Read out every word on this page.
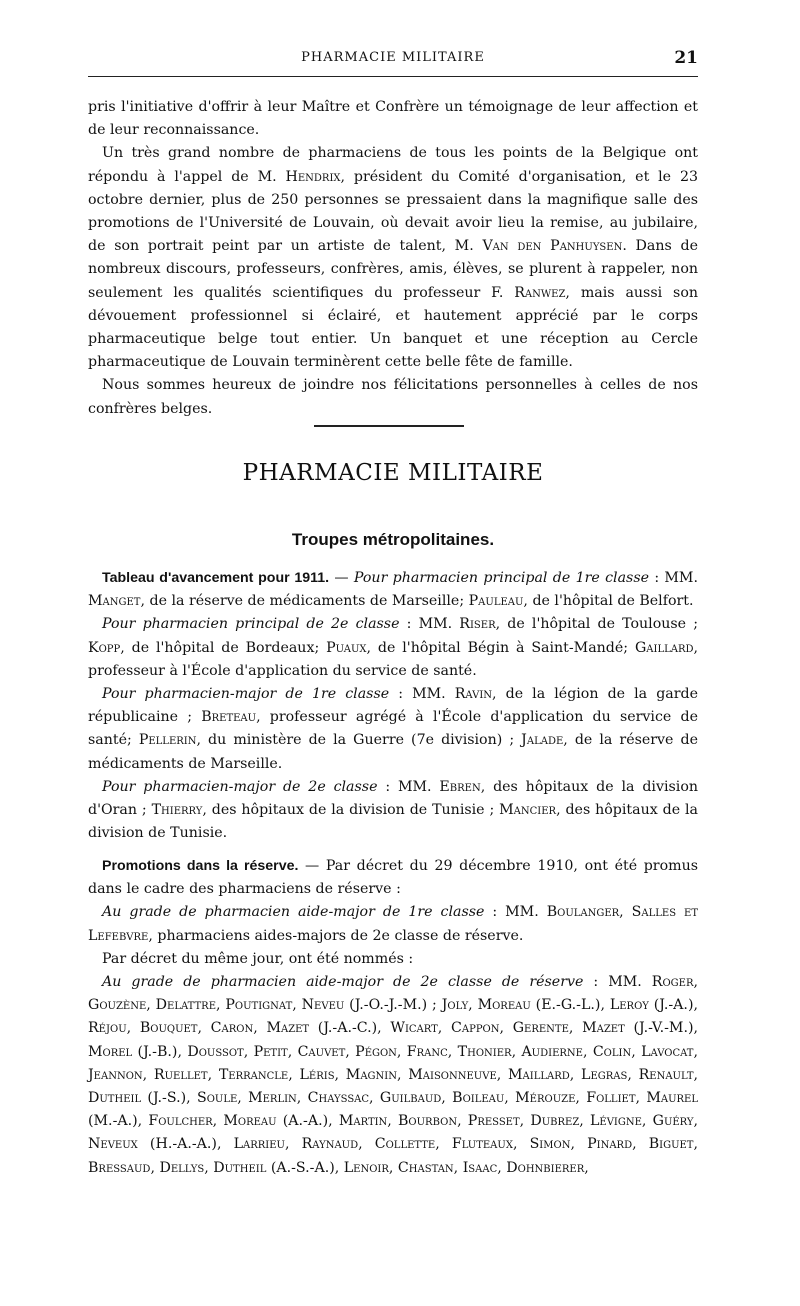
PHARMACIE MILITAIRE	21

pris l'initiative d'offrir à leur Maître et Confrère un témoignage de leur affection et de leur reconnaissance.

Un très grand nombre de pharmaciens de tous les points de la Belgique ont répondu à l'appel de M. Hendrix, président du Comité d'organisation, et le 23 octobre dernier, plus de 250 personnes se pressaient dans la magnifique salle des promotions de l'Université de Louvain, où devait avoir lieu la remise, au jubilaire, de son portrait peint par un artiste de talent, M. Van den Panhuysen. Dans de nombreux discours, professeurs, confrères, amis, élèves, se plurent à rappeler, non seulement les qualités scientifiques du professeur F. Ranwez, mais aussi son dévouement professionnel si éclairé, et hautement apprécié par le corps pharmaceutique belge tout entier. Un banquet et une réception au Cercle pharmaceutique de Louvain terminèrent cette belle fête de famille.

Nous sommes heureux de joindre nos félicitations personnelles à celles de nos confrères belges.

PHARMACIE MILITAIRE
Troupes métropolitaines.

Tableau d'avancement pour 1911. — Pour pharmacien principal de 1re classe : MM. Manget, de la réserve de médicaments de Marseille; Pauleau, de l'hôpital de Belfort.

Pour pharmacien principal de 2e classe : MM. Riser, de l'hôpital de Toulouse ; Kopp, de l'hôpital de Bordeaux; Puaux, de l'hôpital Bégin à Saint-Mandé; Gaillard, professeur à l'École d'application du service de santé.

Pour pharmacien-major de 1re classe : MM. Ravin, de la légion de la garde républicaine ; Breteau, professeur agrégé à l'École d'application du service de santé; Pellerin, du ministère de la Guerre (7e division) ; Jalade, de la réserve de médicaments de Marseille.

Pour pharmacien-major de 2e classe : MM. Ebren, des hôpitaux de la division d'Oran ; Thierry, des hôpitaux de la division de Tunisie ; Mancier, des hôpitaux de la division de Tunisie.

Promotions dans la réserve. — Par décret du 29 décembre 1910, ont été promus dans le cadre des pharmaciens de réserve :

Au grade de pharmacien aide-major de 1re classe : MM. Boulanger, Salles et Lefebvre, pharmaciens aides-majors de 2e classe de réserve.

Par décret du même jour, ont été nommés :

Au grade de pharmacien aide-major de 2e classe de réserve : MM. Roger, Gouzène, Delattre, Poutignat, Neveu (J.-O.-J.-M.) ; Joly, Moreau (E.-G.-L.), Leroy (J.-A.), Réjou, Bouquet, Caron, Mazet (J.-A.-C.), Wicart, Cappon, Gerente, Mazet (J.-V.-M.), Morel (J.-B.), Doussot, Petit, Cauvet, Pégon, Franc, Thonier, Audierne, Colin, Lavocat, Jeannon, Ruellet, Terrancle, Léris, Magnin, Maisonneuve, Maillard, Legras, Renault, Dutheil (J.-S.), Soule, Merlin, Chayssac, Guilbaud, Boileau, Mérouze, Folliet, Maurel (M.-A.), Foulcher, Moreau (A.-A.), Martin, Bourbon, Presset, Dubrez, Lévigne, Guéry, Neveux (H.-A.-A.), Larrieu, Raynaud, Collette, Fluteaux, Simon, Pinard, Biguet, Bressaud, Dellys, Dutheil (A.-S.-A.), Lenoir, Chastan, Isaac, Dohnbierer,
